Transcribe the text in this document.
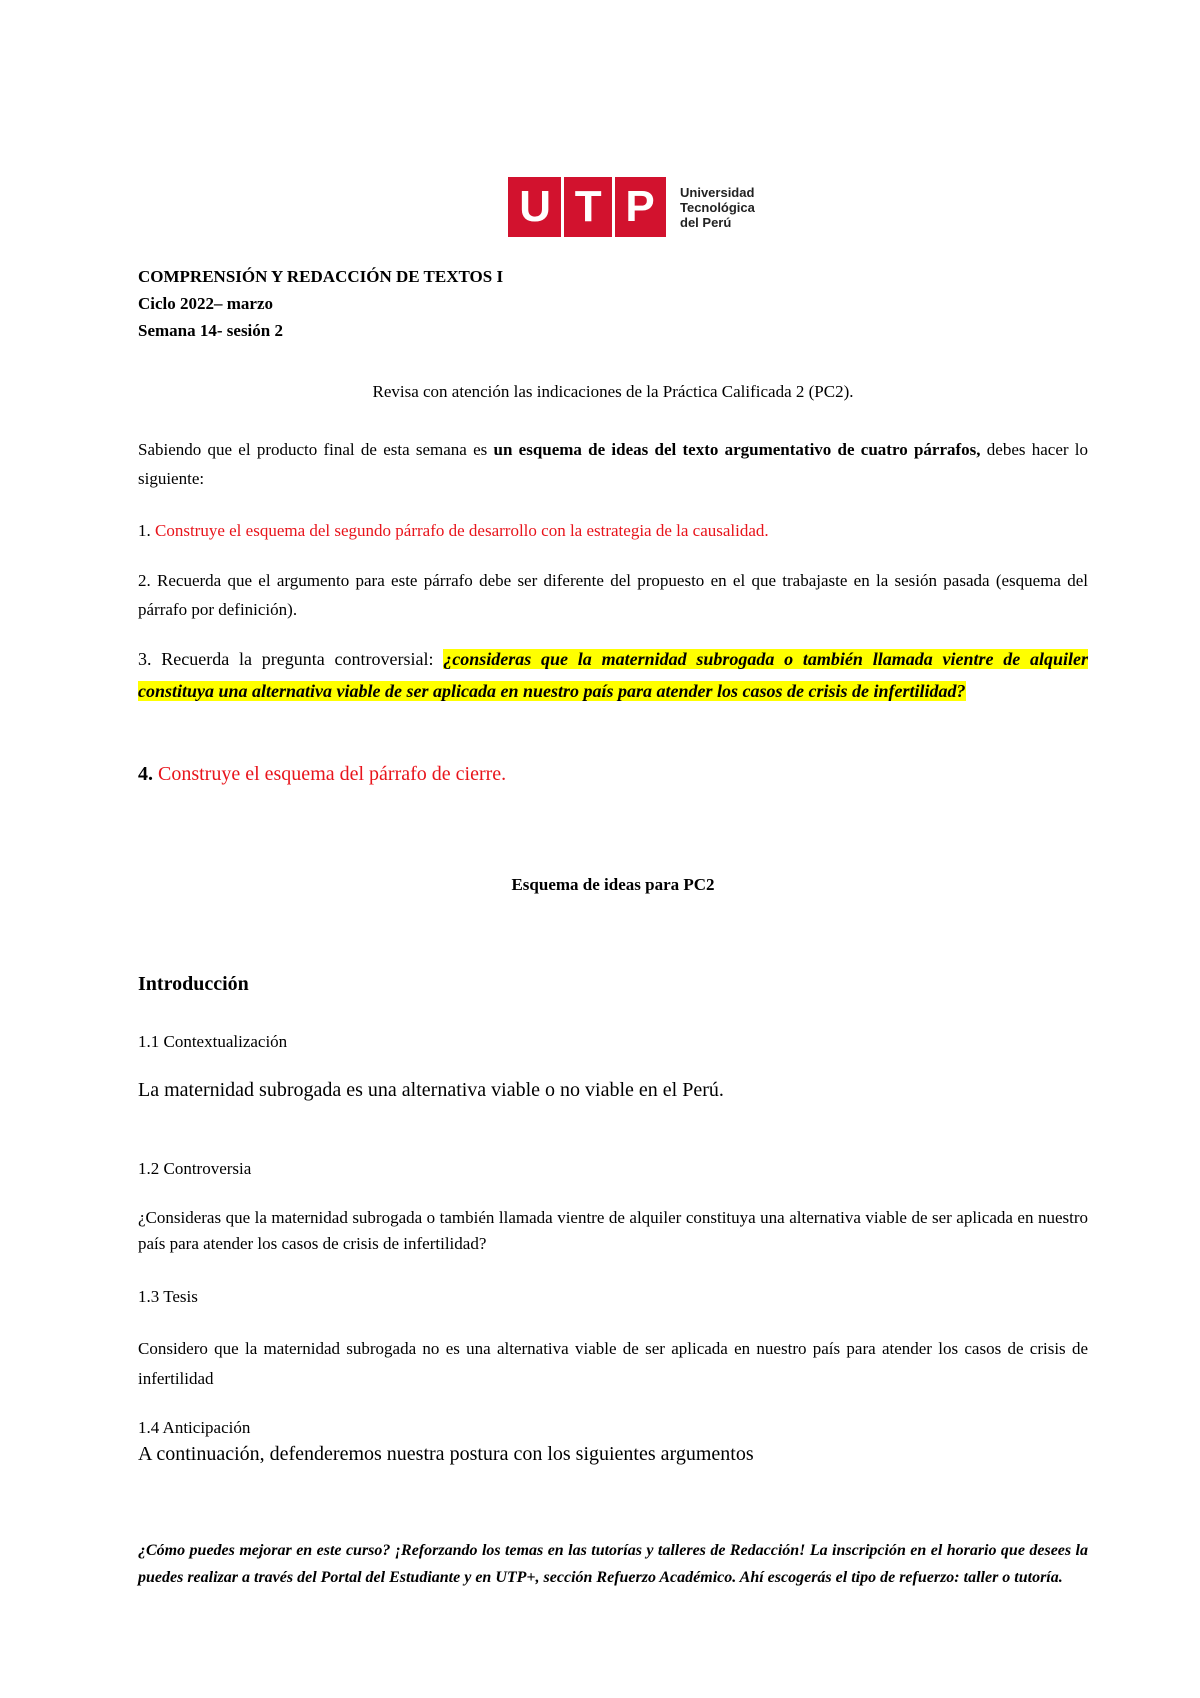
U T P Universidad
Tecnológica
del Perú
COMPRENSIÓN Y REDACCIÓN DE TEXTOS I
Ciclo 2022– marzo
Semana 14- sesión 2
Revisa con atención las indicaciones de la Práctica Calificada 2 (PC2).
Sabiendo que el producto final de esta semana es un esquema de ideas del texto argumentativo de cuatro párrafos, debes hacer lo siguiente:
1. Construye el esquema del segundo párrafo de desarrollo con la estrategia de la causalidad.
2. Recuerda que el argumento para este párrafo debe ser diferente del propuesto en el que trabajaste en la sesión pasada (esquema del párrafo por definición).
3. Recuerda la pregunta controversial: ¿consideras que la maternidad subrogada o también llamada vientre de alquiler constituya una alternativa viable de ser aplicada en nuestro país para atender los casos de crisis de infertilidad?
4. Construye el esquema del párrafo de cierre.
Esquema de ideas para PC2
Introducción
1.1 Contextualización
La maternidad subrogada es una alternativa viable o no viable en el Perú.
1.2 Controversia
¿Consideras que la maternidad subrogada o también llamada vientre de alquiler constituya una alternativa viable de ser aplicada en nuestro país para atender los casos de crisis de infertilidad?
1.3 Tesis
Considero que la maternidad subrogada no es una alternativa viable de ser aplicada en nuestro país para atender los casos de crisis de infertilidad
1.4 Anticipación
A continuación, defenderemos nuestra postura con los siguientes argumentos
¿Cómo puedes mejorar en este curso? ¡Reforzando los temas en las tutorías y talleres de Redacción! La inscripción en el horario que desees la puedes realizar a través del Portal del Estudiante y en UTP+, sección Refuerzo Académico. Ahí escogerás el tipo de refuerzo: taller o tutoría.
